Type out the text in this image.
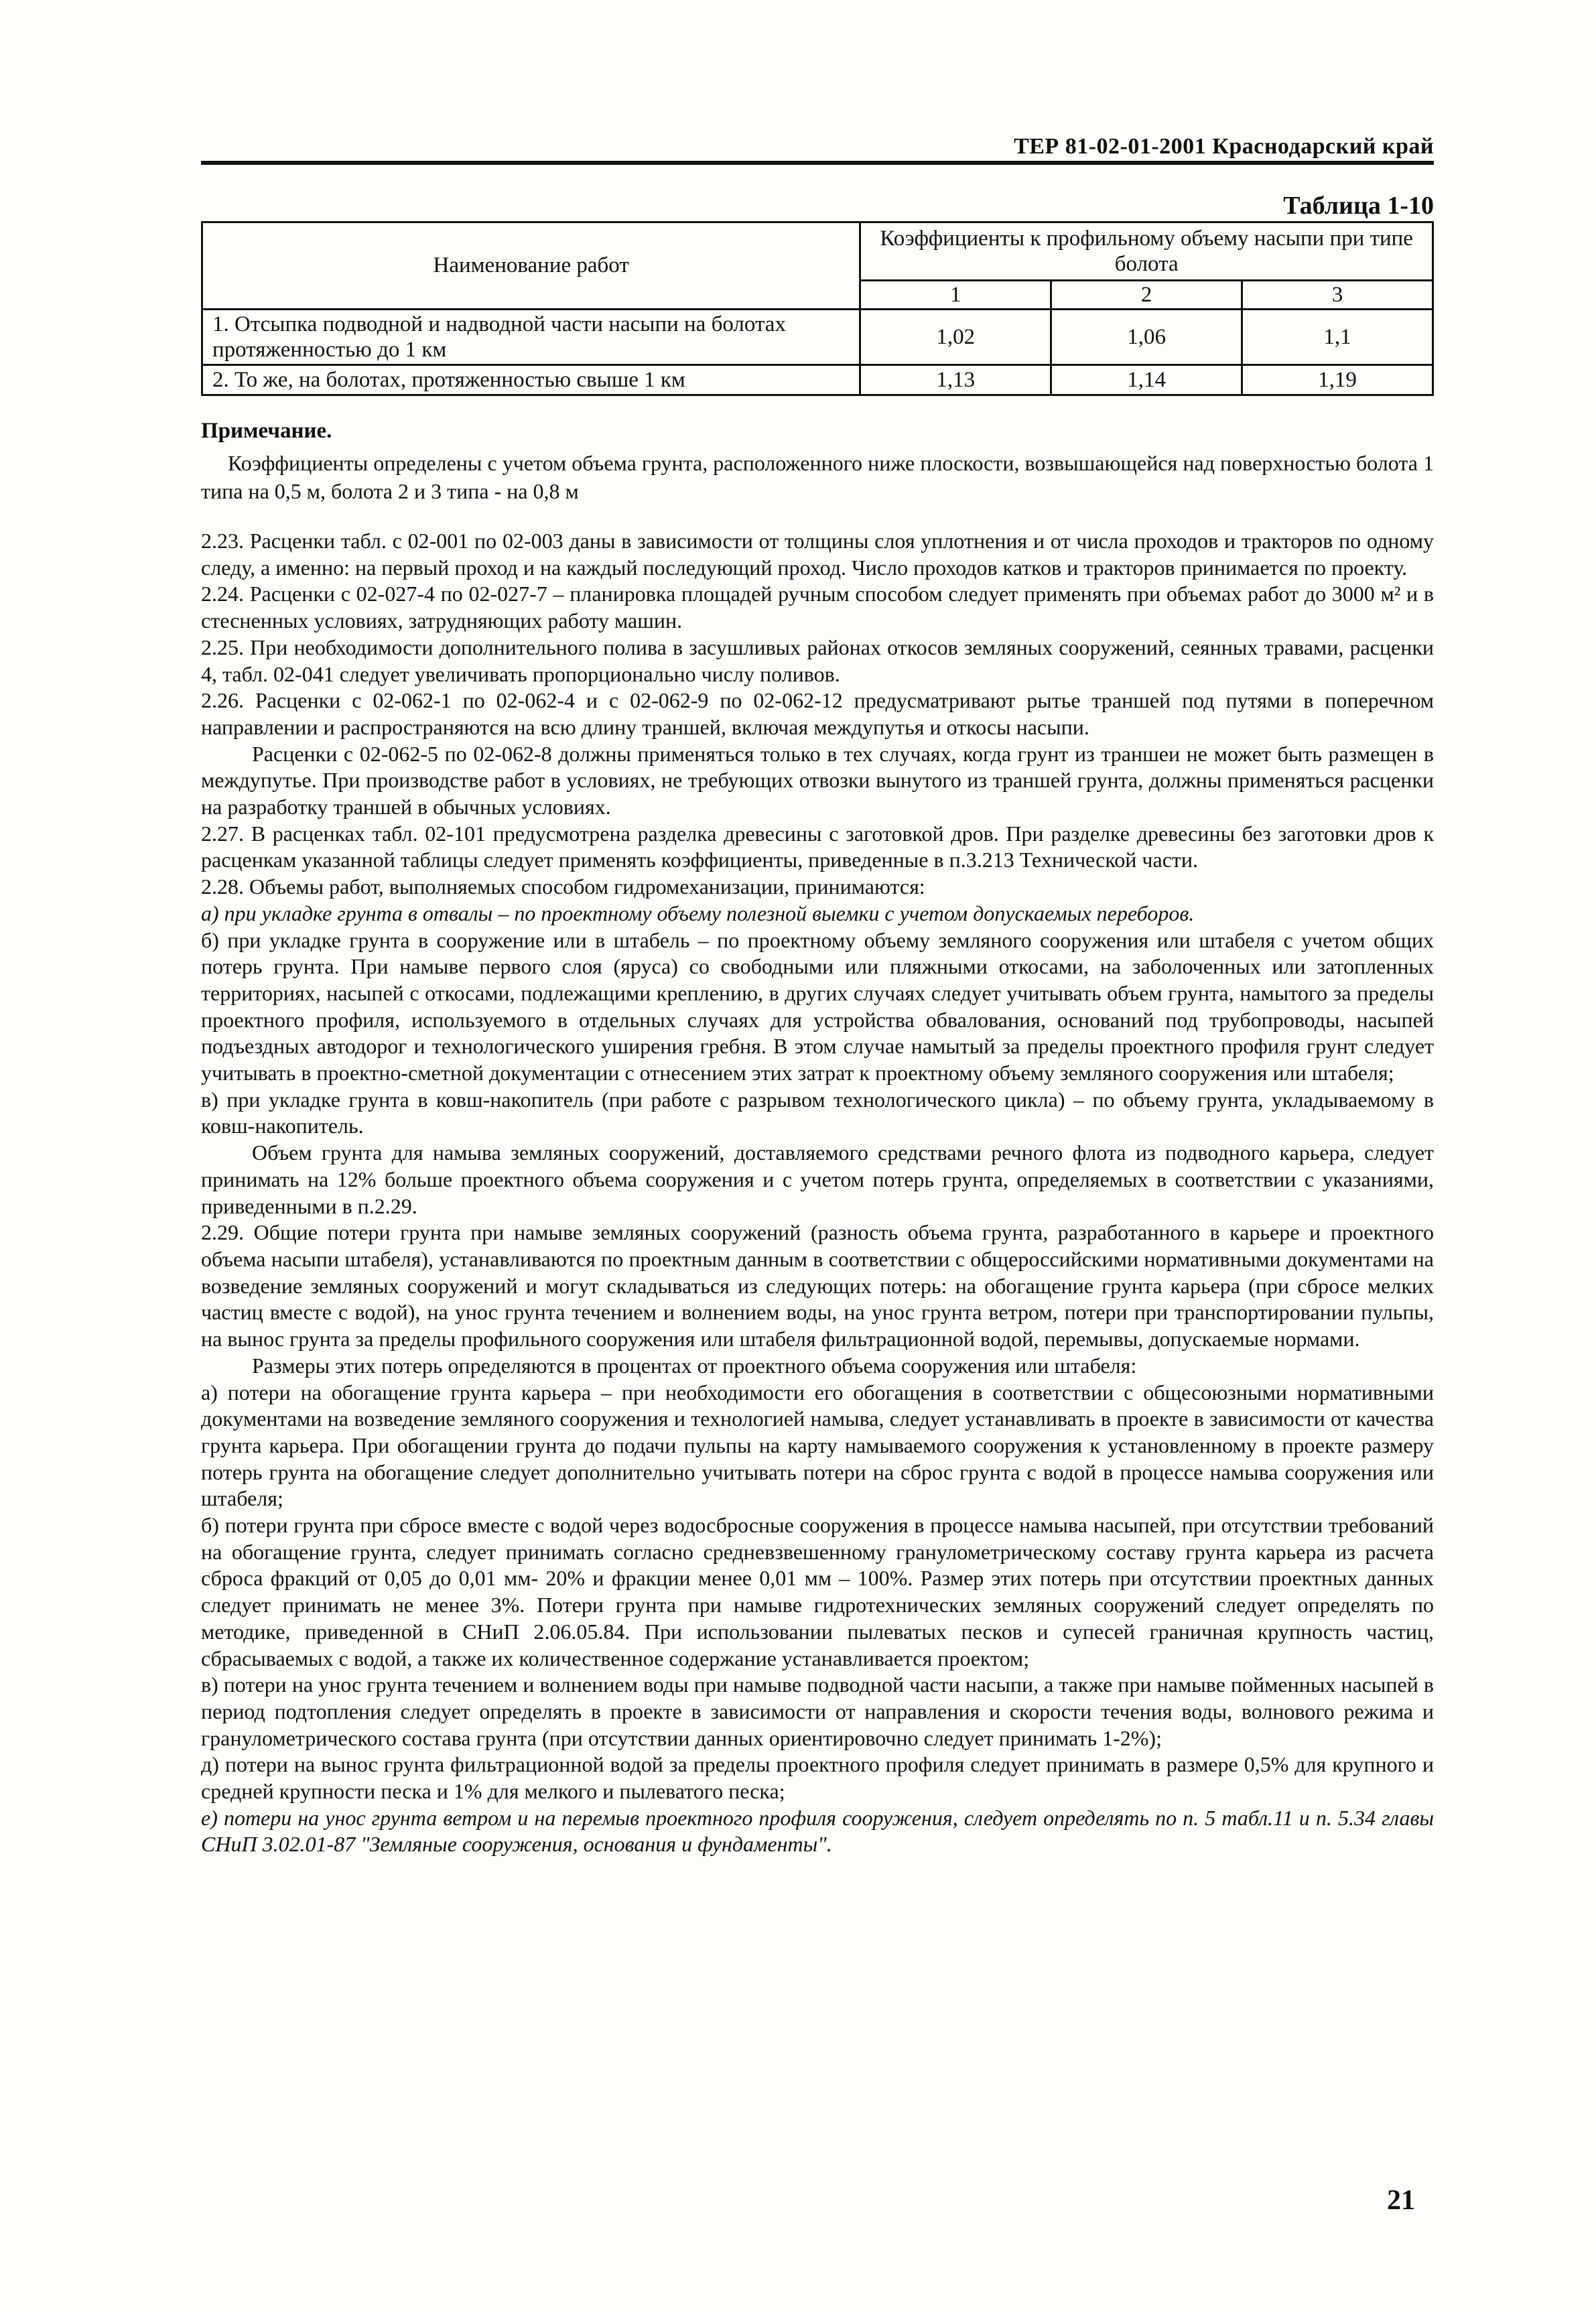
ТЕР 81-02-01-2001 Краснодарский край
Таблица 1-10
Наименование работ	Коэффициенты к профильному объему насыпи при типе болота		
	1	2	3
1. Отсыпка подводной и надводной части насыпи на болотах протяженностью до 1 км	1,02	1,06	1,1
2. То же, на болотах, протяженностью свыше 1 км	1,13	1,14	1,19
Примечание.
Коэффициенты определены с учетом объема грунта, расположенного ниже плоскости, возвышающейся над поверхностью болота 1 типа на 0,5 м, болота 2 и 3 типа - на 0,8 м

2.23. Расценки табл. с 02-001 по 02-003 даны в зависимости от толщины слоя уплотнения и от числа проходов и тракторов по одному следу, а именно: на первый проход и на каждый последующий проход. Число проходов катков и тракторов принимается по проекту.

2.24. Расценки с 02-027-4 по 02-027-7 – планировка площадей ручным способом следует применять при объемах работ до 3000 м² и в стесненных условиях, затрудняющих работу машин.

2.25. При необходимости дополнительного полива в засушливых районах откосов земляных сооружений, сеянных травами, расценки 4, табл. 02-041 следует увеличивать пропорционально числу поливов.

2.26. Расценки с 02-062-1 по 02-062-4 и с 02-062-9 по 02-062-12 предусматривают рытье траншей под путями в поперечном направлении и распространяются на всю длину траншей, включая междупутья и откосы насыпи.

Расценки с 02-062-5 по 02-062-8 должны применяться только в тех случаях, когда грунт из траншеи не может быть размещен в междупутье. При производстве работ в условиях, не требующих отвозки вынутого из траншей грунта, должны применяться расценки на разработку траншей в обычных условиях.

2.27. В расценках табл. 02-101 предусмотрена разделка древесины с заготовкой дров. При разделке древесины без заготовки дров к расценкам указанной таблицы следует применять коэффициенты, приведенные в п.3.213 Технической части.

2.28. Объемы работ, выполняемых способом гидромеханизации, принимаются:

а) при укладке грунта в отвалы – по проектному объему полезной выемки с учетом допускаемых переборов.

б) при укладке грунта в сооружение или в штабель – по проектному объему земляного сооружения или штабеля с учетом общих потерь грунта. При намыве первого слоя (яруса) со свободными или пляжными откосами, на заболоченных или затопленных территориях, насыпей с откосами, подлежащими креплению, в других случаях следует учитывать объем грунта, намытого за пределы проектного профиля, используемого в отдельных случаях для устройства обвалования, оснований под трубопроводы, насыпей подъездных автодорог и технологического уширения гребня. В этом случае намытый за пределы проектного профиля грунт следует учитывать в проектно-сметной документации с отнесением этих затрат к проектному объему земляного сооружения или штабеля;

в) при укладке грунта в ковш-накопитель (при работе с разрывом технологического цикла) – по объему грунта, укладываемому в ковш-накопитель.

Объем грунта для намыва земляных сооружений, доставляемого средствами речного флота из подводного карьера, следует принимать на 12% больше проектного объема сооружения и с учетом потерь грунта, определяемых в соответствии с указаниями, приведенными в п.2.29.

2.29. Общие потери грунта при намыве земляных сооружений (разность объема грунта, разработанного в карьере и проектного объема насыпи штабеля), устанавливаются по проектным данным в соответствии с общероссийскими нормативными документами на возведение земляных сооружений и могут складываться из следующих потерь: на обогащение грунта карьера (при сбросе мелких частиц вместе с водой), на унос грунта течением и волнением воды, на унос грунта ветром, потери при транспортировании пульпы, на вынос грунта за пределы профильного сооружения или штабеля фильтрационной водой, перемывы, допускаемые нормами.

Размеры этих потерь определяются в процентах от проектного объема сооружения или штабеля:

а) потери на обогащение грунта карьера – при необходимости его обогащения в соответствии с общесоюзными нормативными документами на возведение земляного сооружения и технологией намыва, следует устанавливать в проекте в зависимости от качества грунта карьера. При обогащении грунта до подачи пульпы на карту намываемого сооружения к установленному в проекте размеру потерь грунта на обогащение следует дополнительно учитывать потери на сброс грунта с водой в процессе намыва сооружения или штабеля;

б) потери грунта при сбросе вместе с водой через водосбросные сооружения в процессе намыва насыпей, при отсутствии требований на обогащение грунта, следует принимать согласно средневзвешенному гранулометрическому составу грунта карьера из расчета сброса фракций от 0,05 до 0,01 мм- 20% и фракции менее 0,01 мм – 100%. Размер этих потерь при отсутствии проектных данных следует принимать не менее 3%. Потери грунта при намыве гидротехнических земляных сооружений следует определять по методике, приведенной в СНиП 2.06.05.84. При использовании пылеватых песков и супесей граничная крупность частиц, сбрасываемых с водой, а также их количественное содержание устанавливается проектом;

в) потери на унос грунта течением и волнением воды при намыве подводной части насыпи, а также при намыве пойменных насыпей в период подтопления следует определять в проекте в зависимости от направления и скорости течения воды, волнового режима и гранулометрического состава грунта (при отсутствии данных ориентировочно следует принимать 1-2%);

д) потери на вынос грунта фильтрационной водой за пределы проектного профиля следует принимать в размере 0,5% для крупного и средней крупности песка и 1% для мелкого и пылеватого песка;

е) потери на унос грунта ветром и на перемыв проектного профиля сооружения, следует определять по п. 5 табл.11 и п. 5.34 главы СНиП 3.02.01-87 "Земляные сооружения, основания и фундаменты".

21
